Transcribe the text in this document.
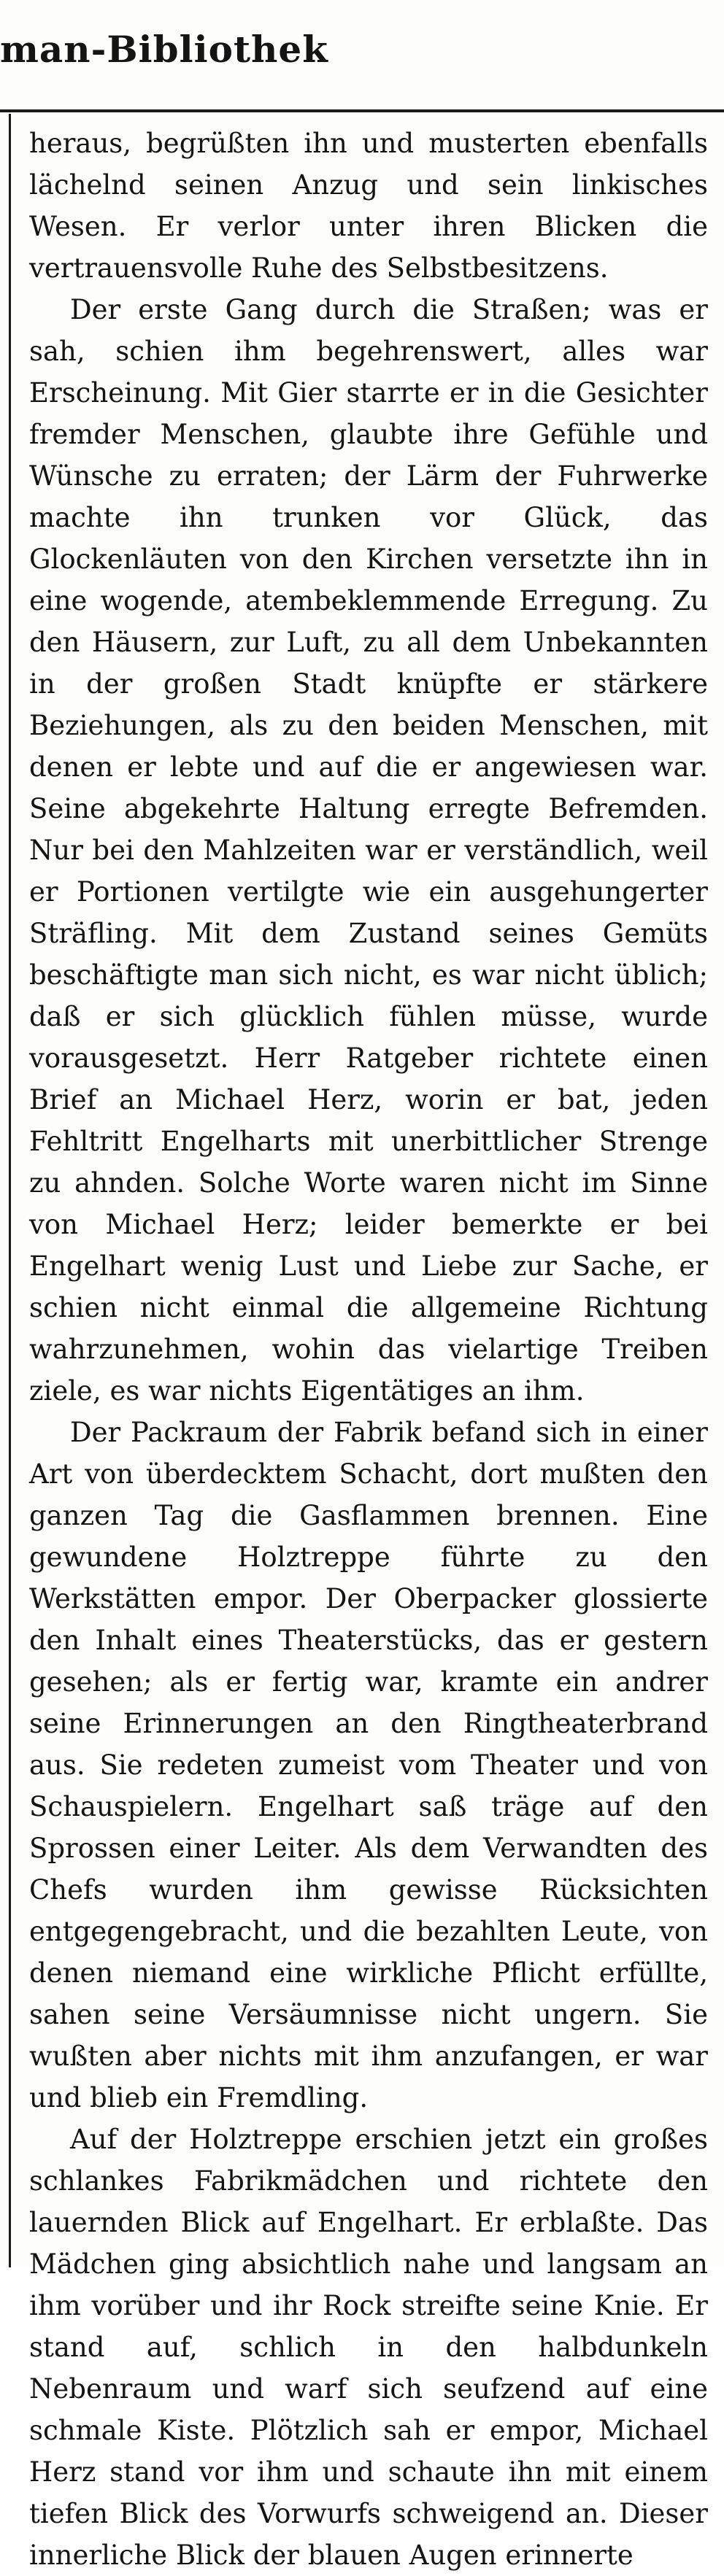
man-Bibliothek

heraus, begrüßten ihn und musterten ebenfalls lächelnd seinen Anzug und sein linkisches Wesen. Er verlor unter ihren Blicken die vertrauensvolle Ruhe des Selbstbesitzens.

Der erste Gang durch die Straßen; was er sah, schien ihm begehrenswert, alles war Erscheinung. Mit Gier starrte er in die Gesichter fremder Menschen, glaubte ihre Gefühle und Wünsche zu erraten; der Lärm der Fuhrwerke machte ihn trunken vor Glück, das Glockenläuten von den Kirchen versetzte ihn in eine wogende, atembeklemmende Erregung. Zu den Häusern, zur Luft, zu all dem Unbekannten in der großen Stadt knüpfte er stärkere Beziehungen, als zu den beiden Menschen, mit denen er lebte und auf die er angewiesen war. Seine abgekehrte Haltung erregte Befremden. Nur bei den Mahlzeiten war er verständlich, weil er Portionen vertilgte wie ein ausgehungerter Sträfling. Mit dem Zustand seines Gemüts beschäftigte man sich nicht, es war nicht üblich; daß er sich glücklich fühlen müsse, wurde vorausgesetzt. Herr Ratgeber richtete einen Brief an Michael Herz, worin er bat, jeden Fehltritt Engelharts mit unerbittlicher Strenge zu ahnden. Solche Worte waren nicht im Sinne von Michael Herz; leider bemerkte er bei Engelhart wenig Lust und Liebe zur Sache, er schien nicht einmal die allgemeine Richtung wahrzunehmen, wohin das vielartige Treiben ziele, es war nichts Eigentätiges an ihm.

Der Packraum der Fabrik befand sich in einer Art von überdecktem Schacht, dort mußten den ganzen Tag die Gasflammen brennen. Eine gewundene Holztreppe führte zu den Werkstätten empor. Der Oberpacker glossierte den Inhalt eines Theaterstücks, das er gestern gesehen; als er fertig war, kramte ein andrer seine Erinnerungen an den Ringtheaterbrand aus. Sie redeten zumeist vom Theater und von Schauspielern. Engelhart saß träge auf den Sprossen einer Leiter. Als dem Verwandten des Chefs wurden ihm gewisse Rücksichten entgegengebracht, und die bezahlten Leute, von denen niemand eine wirkliche Pflicht erfüllte, sahen seine Versäumnisse nicht ungern. Sie wußten aber nichts mit ihm anzufangen, er war und blieb ein Fremdling.

Auf der Holztreppe erschien jetzt ein großes schlankes Fabrikmädchen und richtete den lauernden Blick auf Engelhart. Er erblaßte. Das Mädchen ging absichtlich nahe und langsam an ihm vorüber und ihr Rock streifte seine Knie. Er stand auf, schlich in den halbdunkeln Nebenraum und warf sich seufzend auf eine schmale Kiste. Plötzlich sah er empor, Michael Herz stand vor ihm und schaute ihn mit einem tiefen Blick des Vorwurfs schweigend an. Dieser innerliche Blick der blauen Augen erinnerte
